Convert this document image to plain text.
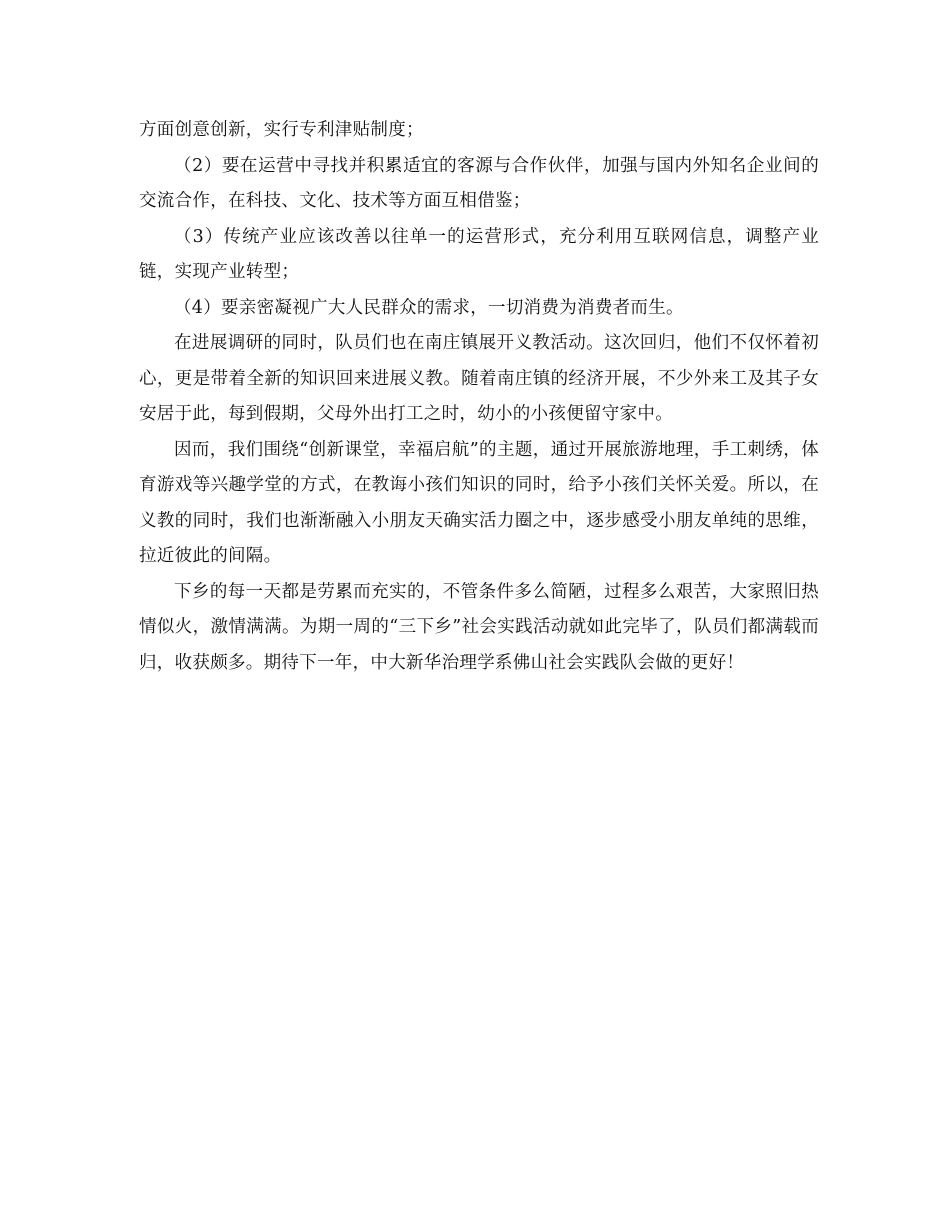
方面创意创新，实行专利津贴制度；

（2）要在运营中寻找并积累适宜的客源与合作伙伴，加强与国内外知名企业间的交流合作，在科技、文化、技术等方面互相借鉴；

（3）传统产业应该改善以往单一的运营形式，充分利用互联网信息，调整产业链，实现产业转型；

（4）要亲密凝视广大人民群众的需求，一切消费为消费者而生。

在进展调研的同时，队员们也在南庄镇展开义教活动。这次回归，他们不仅怀着初心，更是带着全新的知识回来进展义教。随着南庄镇的经济开展，不少外来工及其子女安居于此，每到假期，父母外出打工之时，幼小的小孩便留守家中。

因而，我们围绕“创新课堂，幸福启航”的主题，通过开展旅游地理，手工刺绣，体育游戏等兴趣学堂的方式，在教诲小孩们知识的同时，给予小孩们关怀关爱。所以，在义教的同时，我们也渐渐融入小朋友天确实活力圈之中，逐步感受小朋友单纯的思维，拉近彼此的间隔。

下乡的每一天都是劳累而充实的，不管条件多么简陋，过程多么艰苦，大家照旧热情似火，激情满满。为期一周的“三下乡”社会实践活动就如此完毕了，队员们都满载而归，收获颇多。期待下一年，中大新华治理学系佛山社会实践队会做的更好！
